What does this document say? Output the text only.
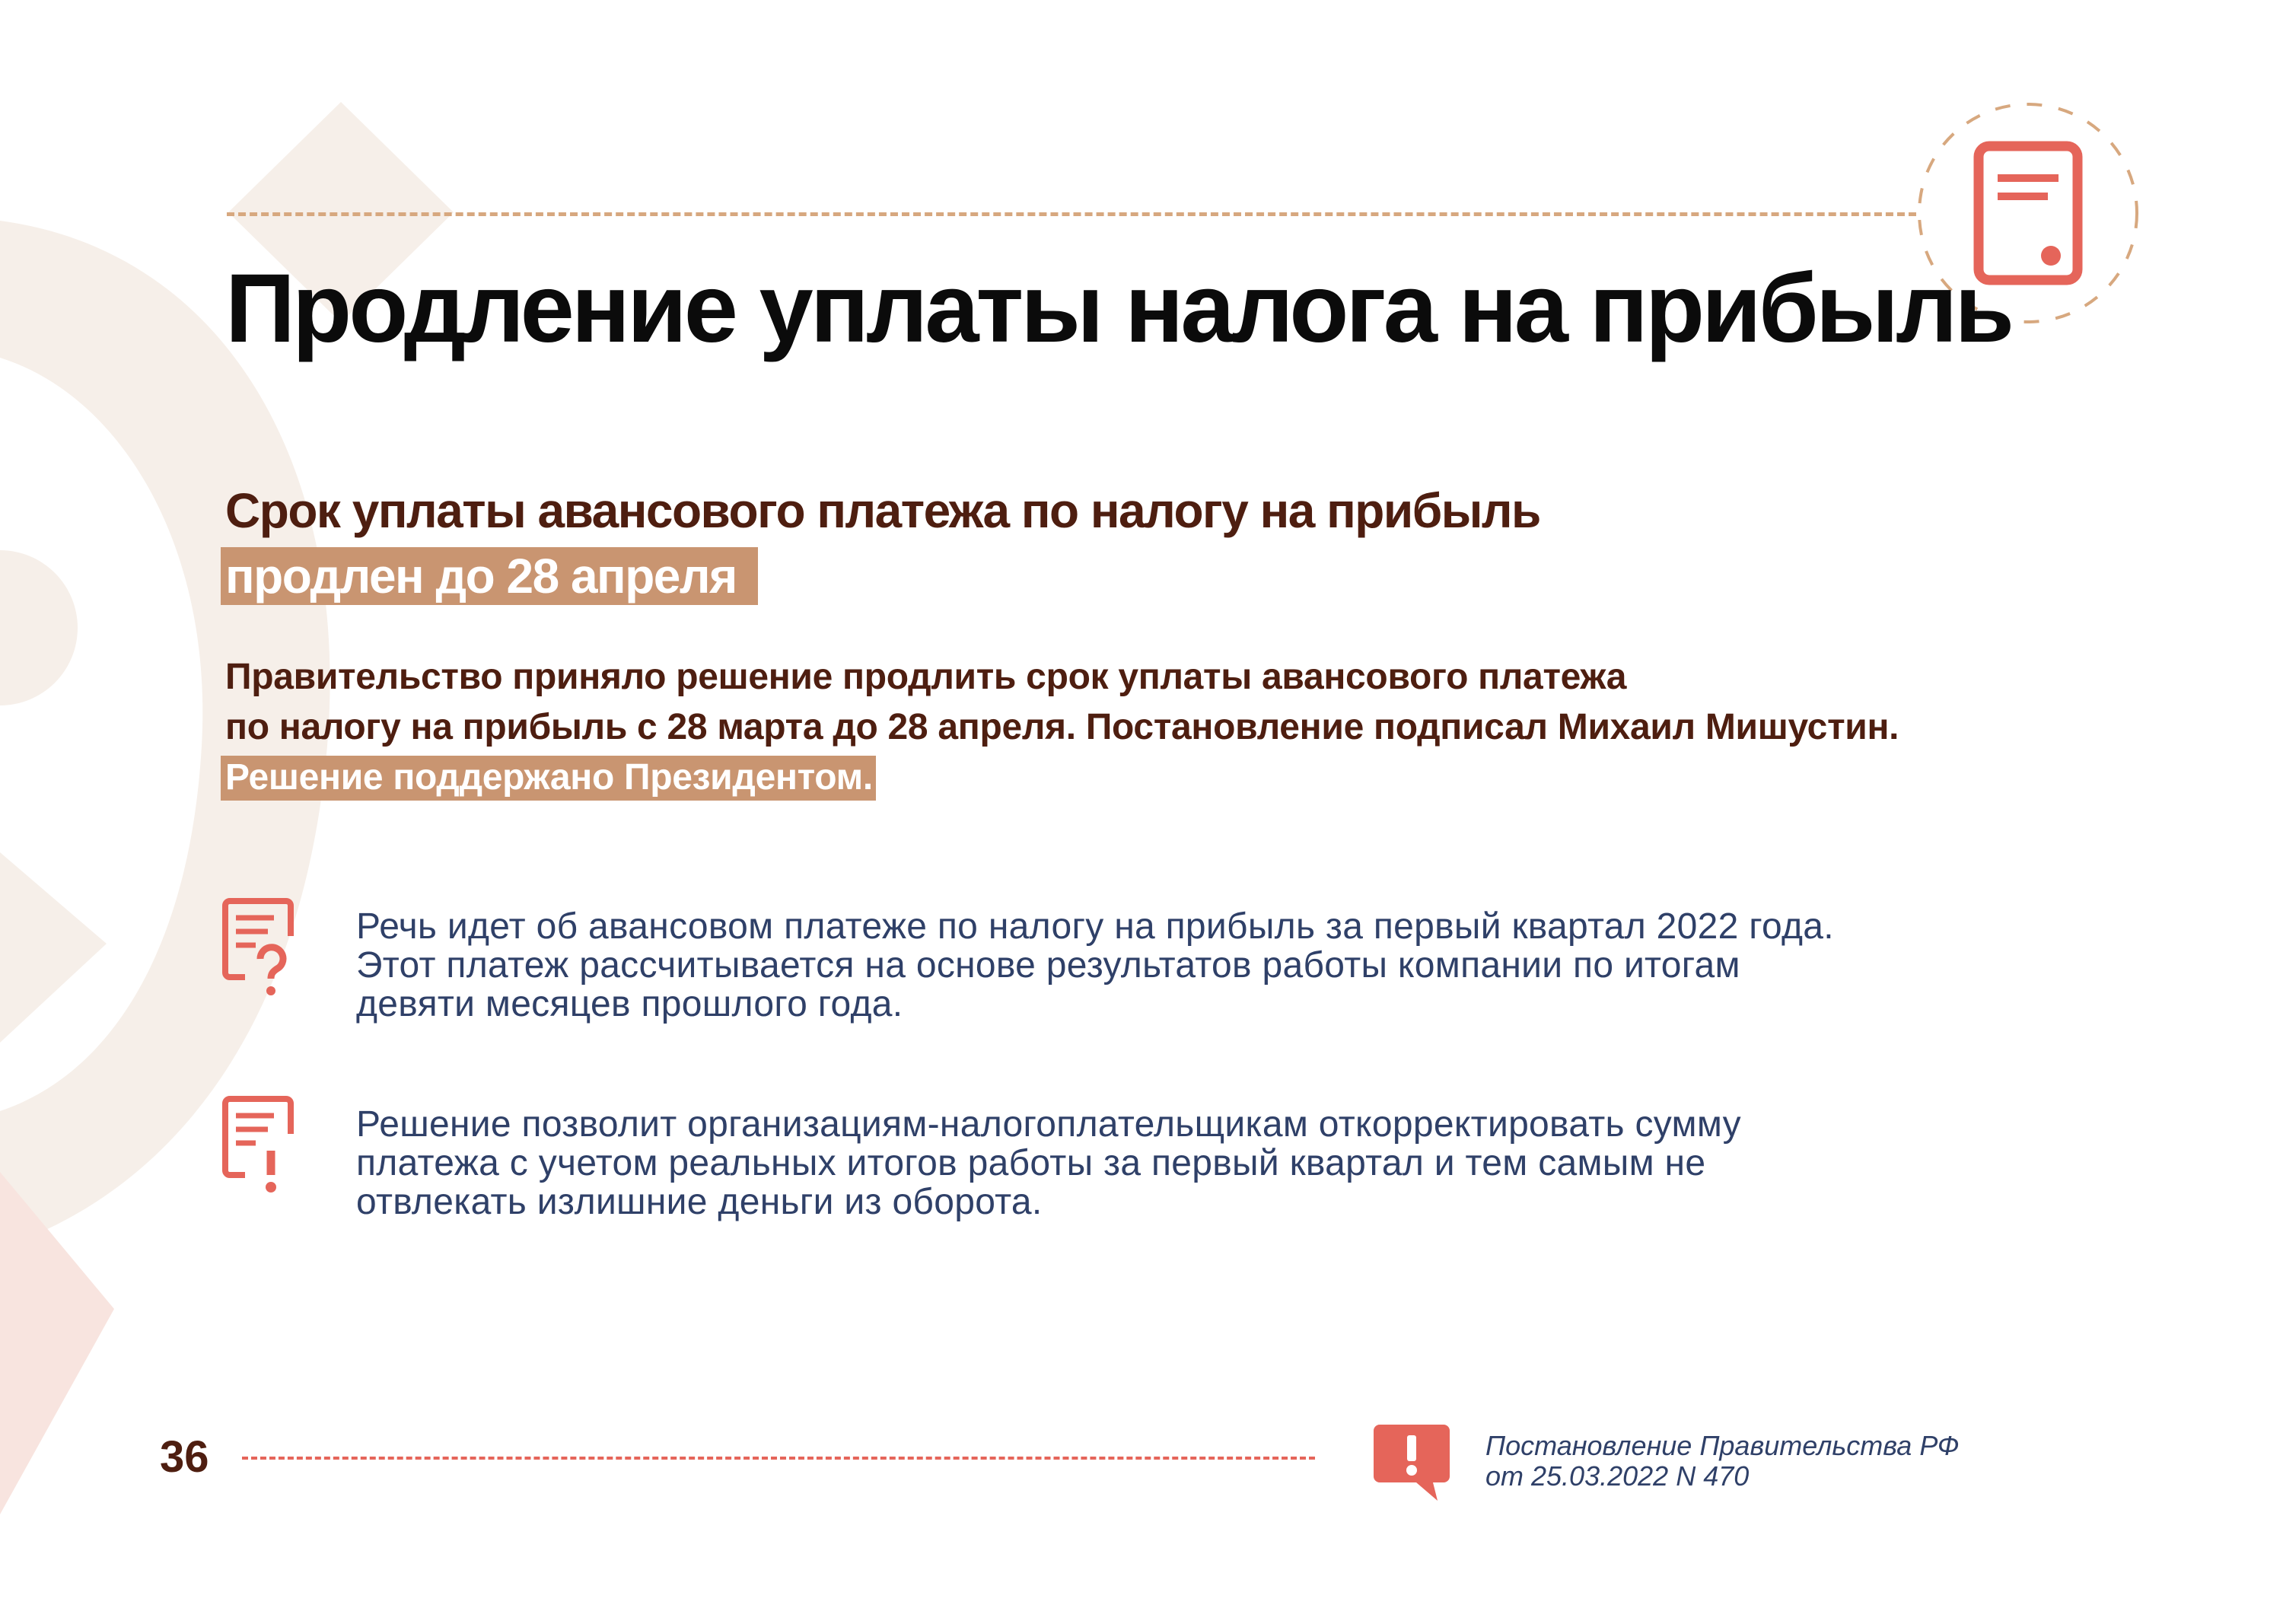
Продление уплаты налога на прибыль
Срок уплаты авансового платежа по налогу на прибыль
продлен до 28 апреля
Правительство приняло решение продлить срок уплаты авансового платежа
по налогу на прибыль с 28 марта до 28 апреля. Постановление подписал Михаил Мишустин.
Решение поддержано Президентом.
Речь идет об авансовом платеже по налогу на прибыль за первый квартал 2022 года.
Этот платеж рассчитывается на основе результатов работы компании по итогам
девяти месяцев прошлого года.
Решение позволит организациям-налогоплательщикам откорректировать сумму
платежа с учетом реальных итогов работы за первый квартал и тем самым не
отвлекать излишние деньги из оборота.
36	Постановление Правительства РФ
от 25.03.2022 N 470
